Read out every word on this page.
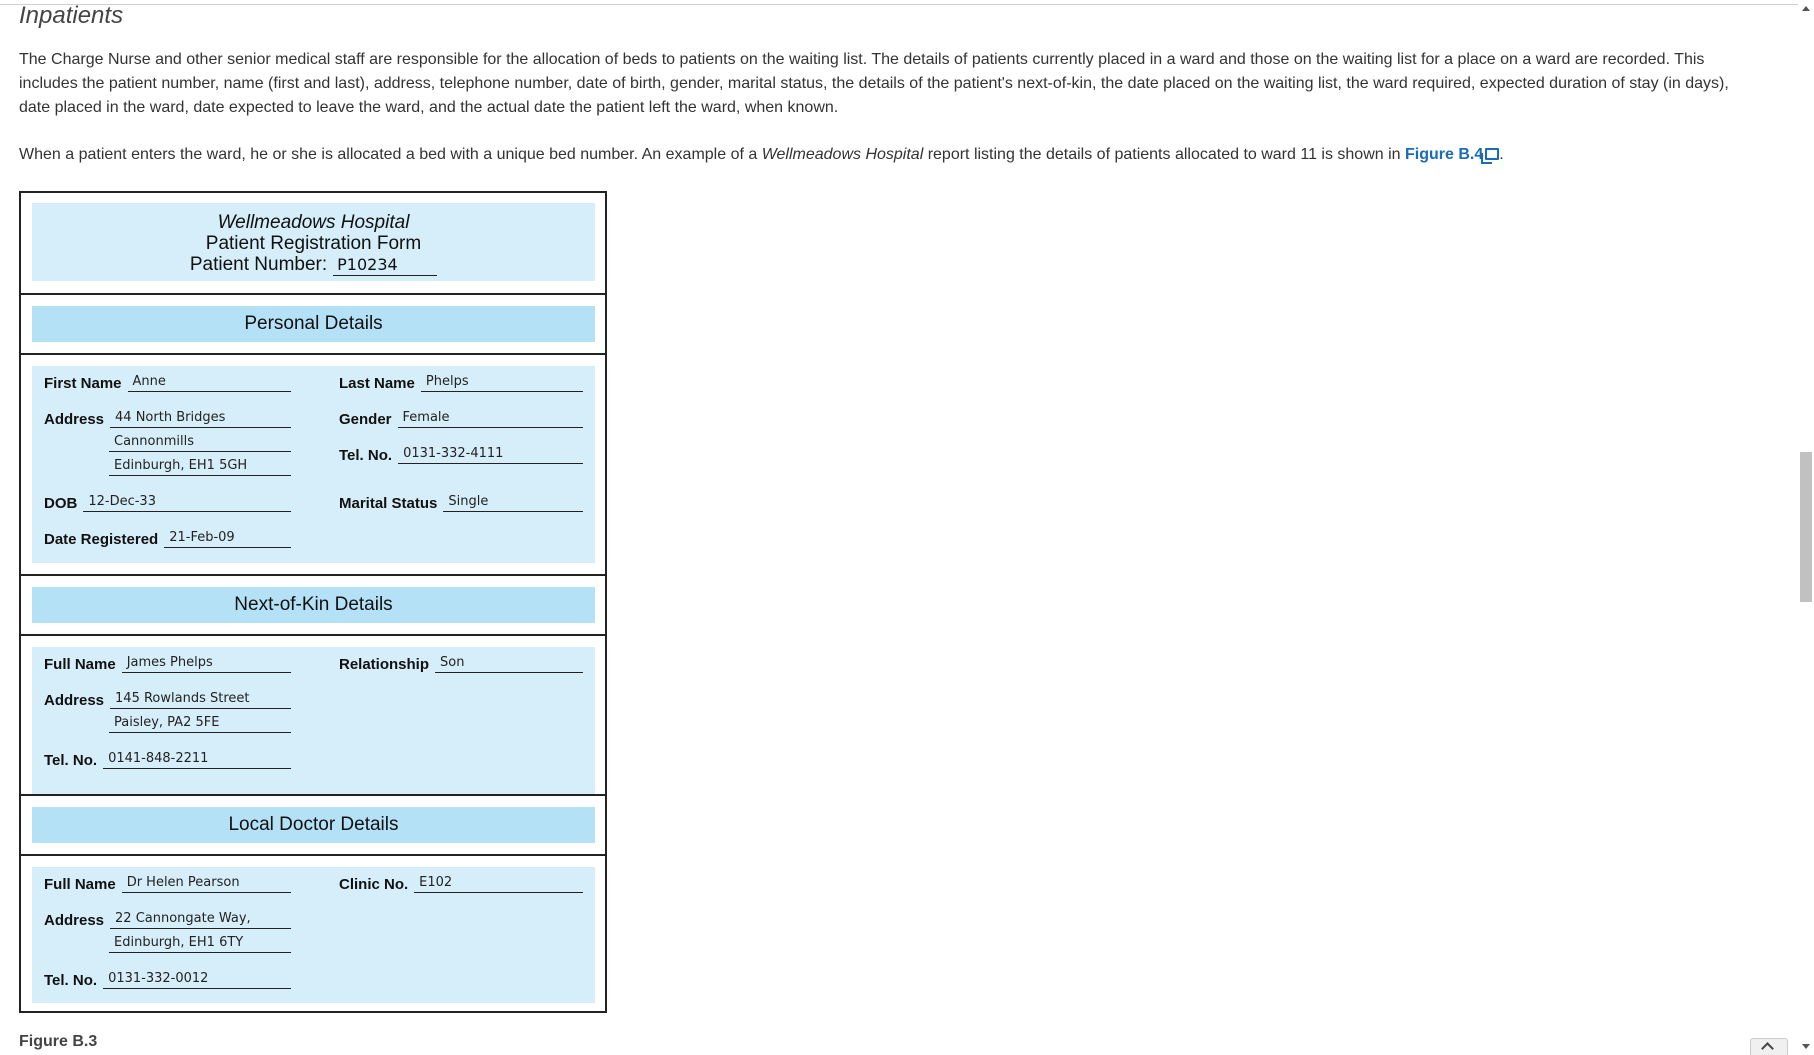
Inpatients

The Charge Nurse and other senior medical staff are responsible for the allocation of beds to patients on the waiting list. The details of patients currently placed in a ward and those on the waiting list for a place on a ward are recorded. This includes the patient number, name (first and last), address, telephone number, date of birth, gender, marital status, the details of the patient's next-of-kin, the date placed on the waiting list, the ward required, expected duration of stay (in days), date placed in the ward, date expected to leave the ward, and the actual date the patient left the ward, when known.

When a patient enters the ward, he or she is allocated a bed with a unique bed number. An example of a Wellmeadows Hospital report listing the details of patients allocated to ward 11 is shown in Figure B.4 .

Wellmeadows Hospital
Patient Registration Form
Patient Number: P10234
Personal Details
First Name Anne	Last Name Phelps
Address 44 North Bridges
Cannonmills
Edinburgh, EH1 5GH
Gender Female
Tel. No. 0131-332-4111
DOB 12-Dec-33	Marital Status Single
Date Registered 21-Feb-09
Next-of-Kin Details
Full Name James Phelps	Relationship Son
Address 145 Rowlands Street
Paisley, PA2 5FE
Tel. No. 0141-848-2211
Local Doctor Details
Full Name Dr Helen Pearson	Clinic No. E102
Address 22 Cannongate Way,
Edinburgh, EH1 6TY
Tel. No. 0131-332-0012
Figure B.3
